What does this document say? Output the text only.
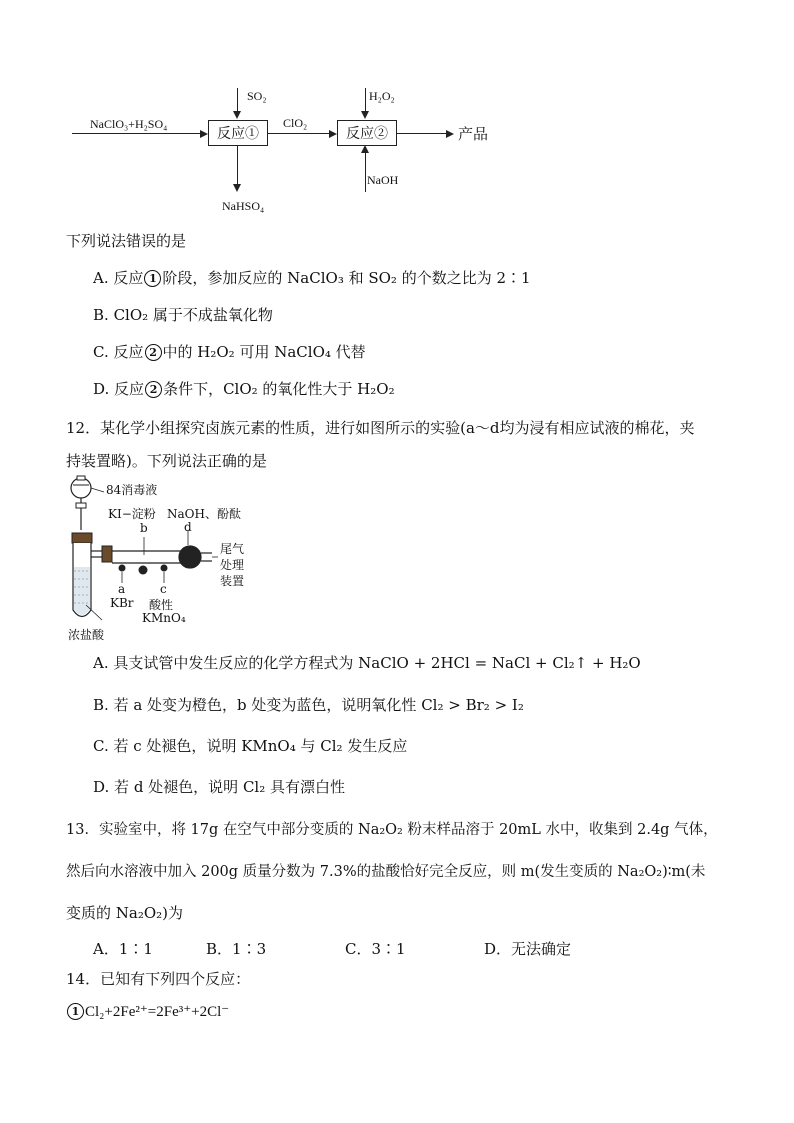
NaClO₃+H₂SO₄
反应①
SO₂
NaHSO₄
ClO₂
反应②
H₂O₂
NaOH
产品
下列说法错误的是
A. 反应 1 阶段，参加反应的 NaClO₃ 和 SO₂ 的个数之比为 2∶1
B. ClO₂ 属于不成盐氧化物
C. 反应 2 中的 H₂O₂ 可用 NaClO₄ 代替
D. 反应 2 条件下，ClO₂ 的氧化性大于 H₂O₂
12．某化学小组探究卤族元素的性质，进行如图所示的实验(a～d均为浸有相应试液的棉花，夹
持装置略)。下列说法正确的是
84消毒液
KI−淀粉 NaOH、酚酞
b	d
a
KBr
c
酸性
KMnO₄
尾气
处理
装置
浓盐酸
A. 具支试管中发生反应的化学方程式为 NaClO + 2HCl = NaCl + Cl₂↑ + H₂O
B. 若 a 处变为橙色，b 处变为蓝色，说明氧化性 Cl₂ > Br₂ > I₂
C. 若 c 处褪色，说明 KMnO₄ 与 Cl₂ 发生反应
D. 若 d 处褪色，说明 Cl₂ 具有漂白性
13．实验室中，将 17g 在空气中部分变质的 Na₂O₂ 粉末样品溶于 20mL 水中，收集到 2.4g 气体，
然后向水溶液中加入 200g 质量分数为 7.3%的盐酸恰好完全反应，则 m(发生变质的 Na₂O₂)∶m(未
变质的 Na₂O₂)为
A．1∶1	B．1∶3	C．3∶1	D．无法确定
14．已知有下列四个反应：
1 Cl₂+2Fe²⁺=2Fe³⁺+2Cl⁻
